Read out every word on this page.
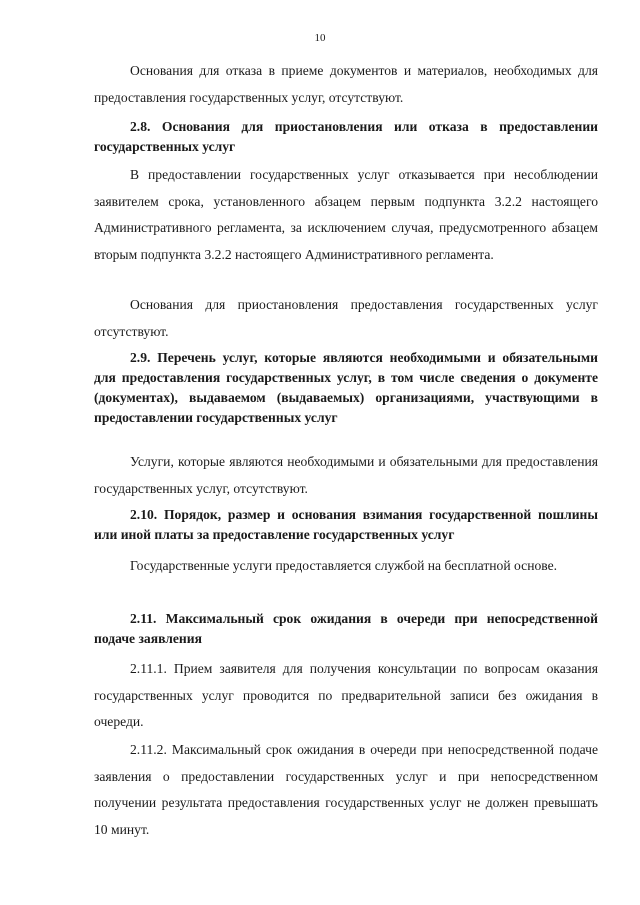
10

Основания для отказа в приеме документов и материалов, необходимых для предоставления государственных услуг, отсутствуют.

2.8. Основания для приостановления или отказа в предоставлении государственных услуг

В предоставлении государственных услуг отказывается при несоблюдении заявителем срока, установленного абзацем первым подпункта 3.2.2 настоящего Административного регламента, за исключением случая, предусмотренного абзацем вторым подпункта 3.2.2 настоящего Административного регламента.

Основания для приостановления предоставления государственных услуг отсутствуют.

2.9. Перечень услуг, которые являются необходимыми и обязательными для предоставления государственных услуг, в том числе сведения о документе (документах), выдаваемом (выдаваемых) организациями, участвующими в предоставлении государственных услуг

Услуги, которые являются необходимыми и обязательными для предоставления государственных услуг, отсутствуют.

2.10. Порядок, размер и основания взимания государственной пошлины или иной платы за предоставление государственных услуг

Государственные услуги предоставляется службой на бесплатной основе.

2.11. Максимальный срок ожидания в очереди при непосредственной подаче заявления

2.11.1. Прием заявителя для получения консультации по вопросам оказания государственных услуг проводится по предварительной записи без ожидания в очереди.

2.11.2. Максимальный срок ожидания в очереди при непосредственной подаче заявления о предоставлении государственных услуг и при непосредственном получении результата предоставления государственных услуг не должен превышать 10 минут.
